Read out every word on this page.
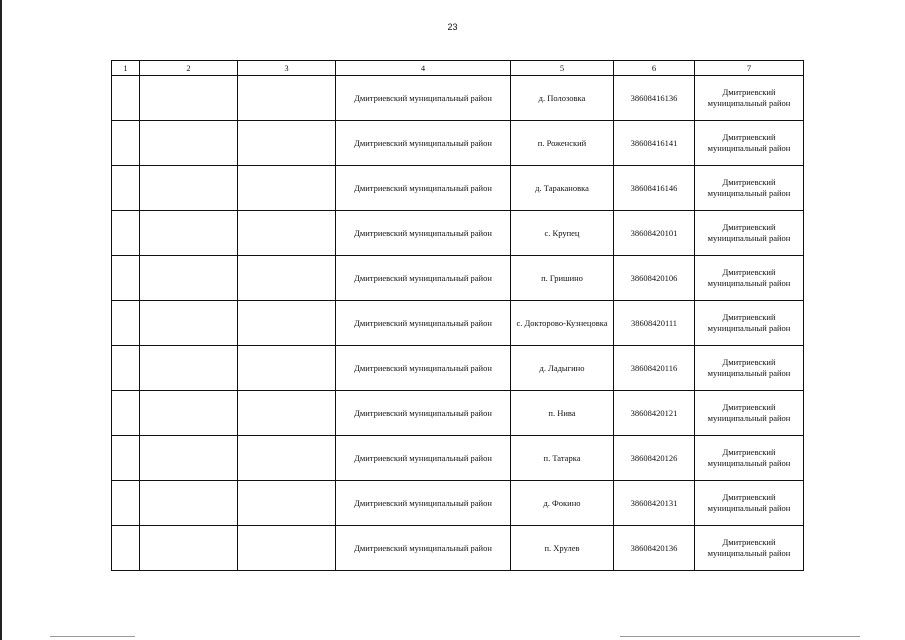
23
1	2	3	4	5	6	7
			Дмитриевский муниципальный район	д. Полозовка	38608416136	Дмитриевский муниципальный район
			Дмитриевский муниципальный район	п. Роженский	38608416141	Дмитриевский муниципальный район
			Дмитриевский муниципальный район	д. Таракановка	38608416146	Дмитриевский муниципальный район
			Дмитриевский муниципальный район	с. Крупец	38608420101	Дмитриевский муниципальный район
			Дмитриевский муниципальный район	п. Гришино	38608420106	Дмитриевский муниципальный район
			Дмитриевский муниципальный район	с. Докторово-Кузнецовка	38608420111	Дмитриевский муниципальный район
			Дмитриевский муниципальный район	д. Ладыгино	38608420116	Дмитриевский муниципальный район
			Дмитриевский муниципальный район	п. Нива	38608420121	Дмитриевский муниципальный район
			Дмитриевский муниципальный район	п. Татарка	38608420126	Дмитриевский муниципальный район
			Дмитриевский муниципальный район	д. Фокино	38608420131	Дмитриевский муниципальный район
			Дмитриевский муниципальный район	п. Хрулев	38608420136	Дмитриевский муниципальный район
